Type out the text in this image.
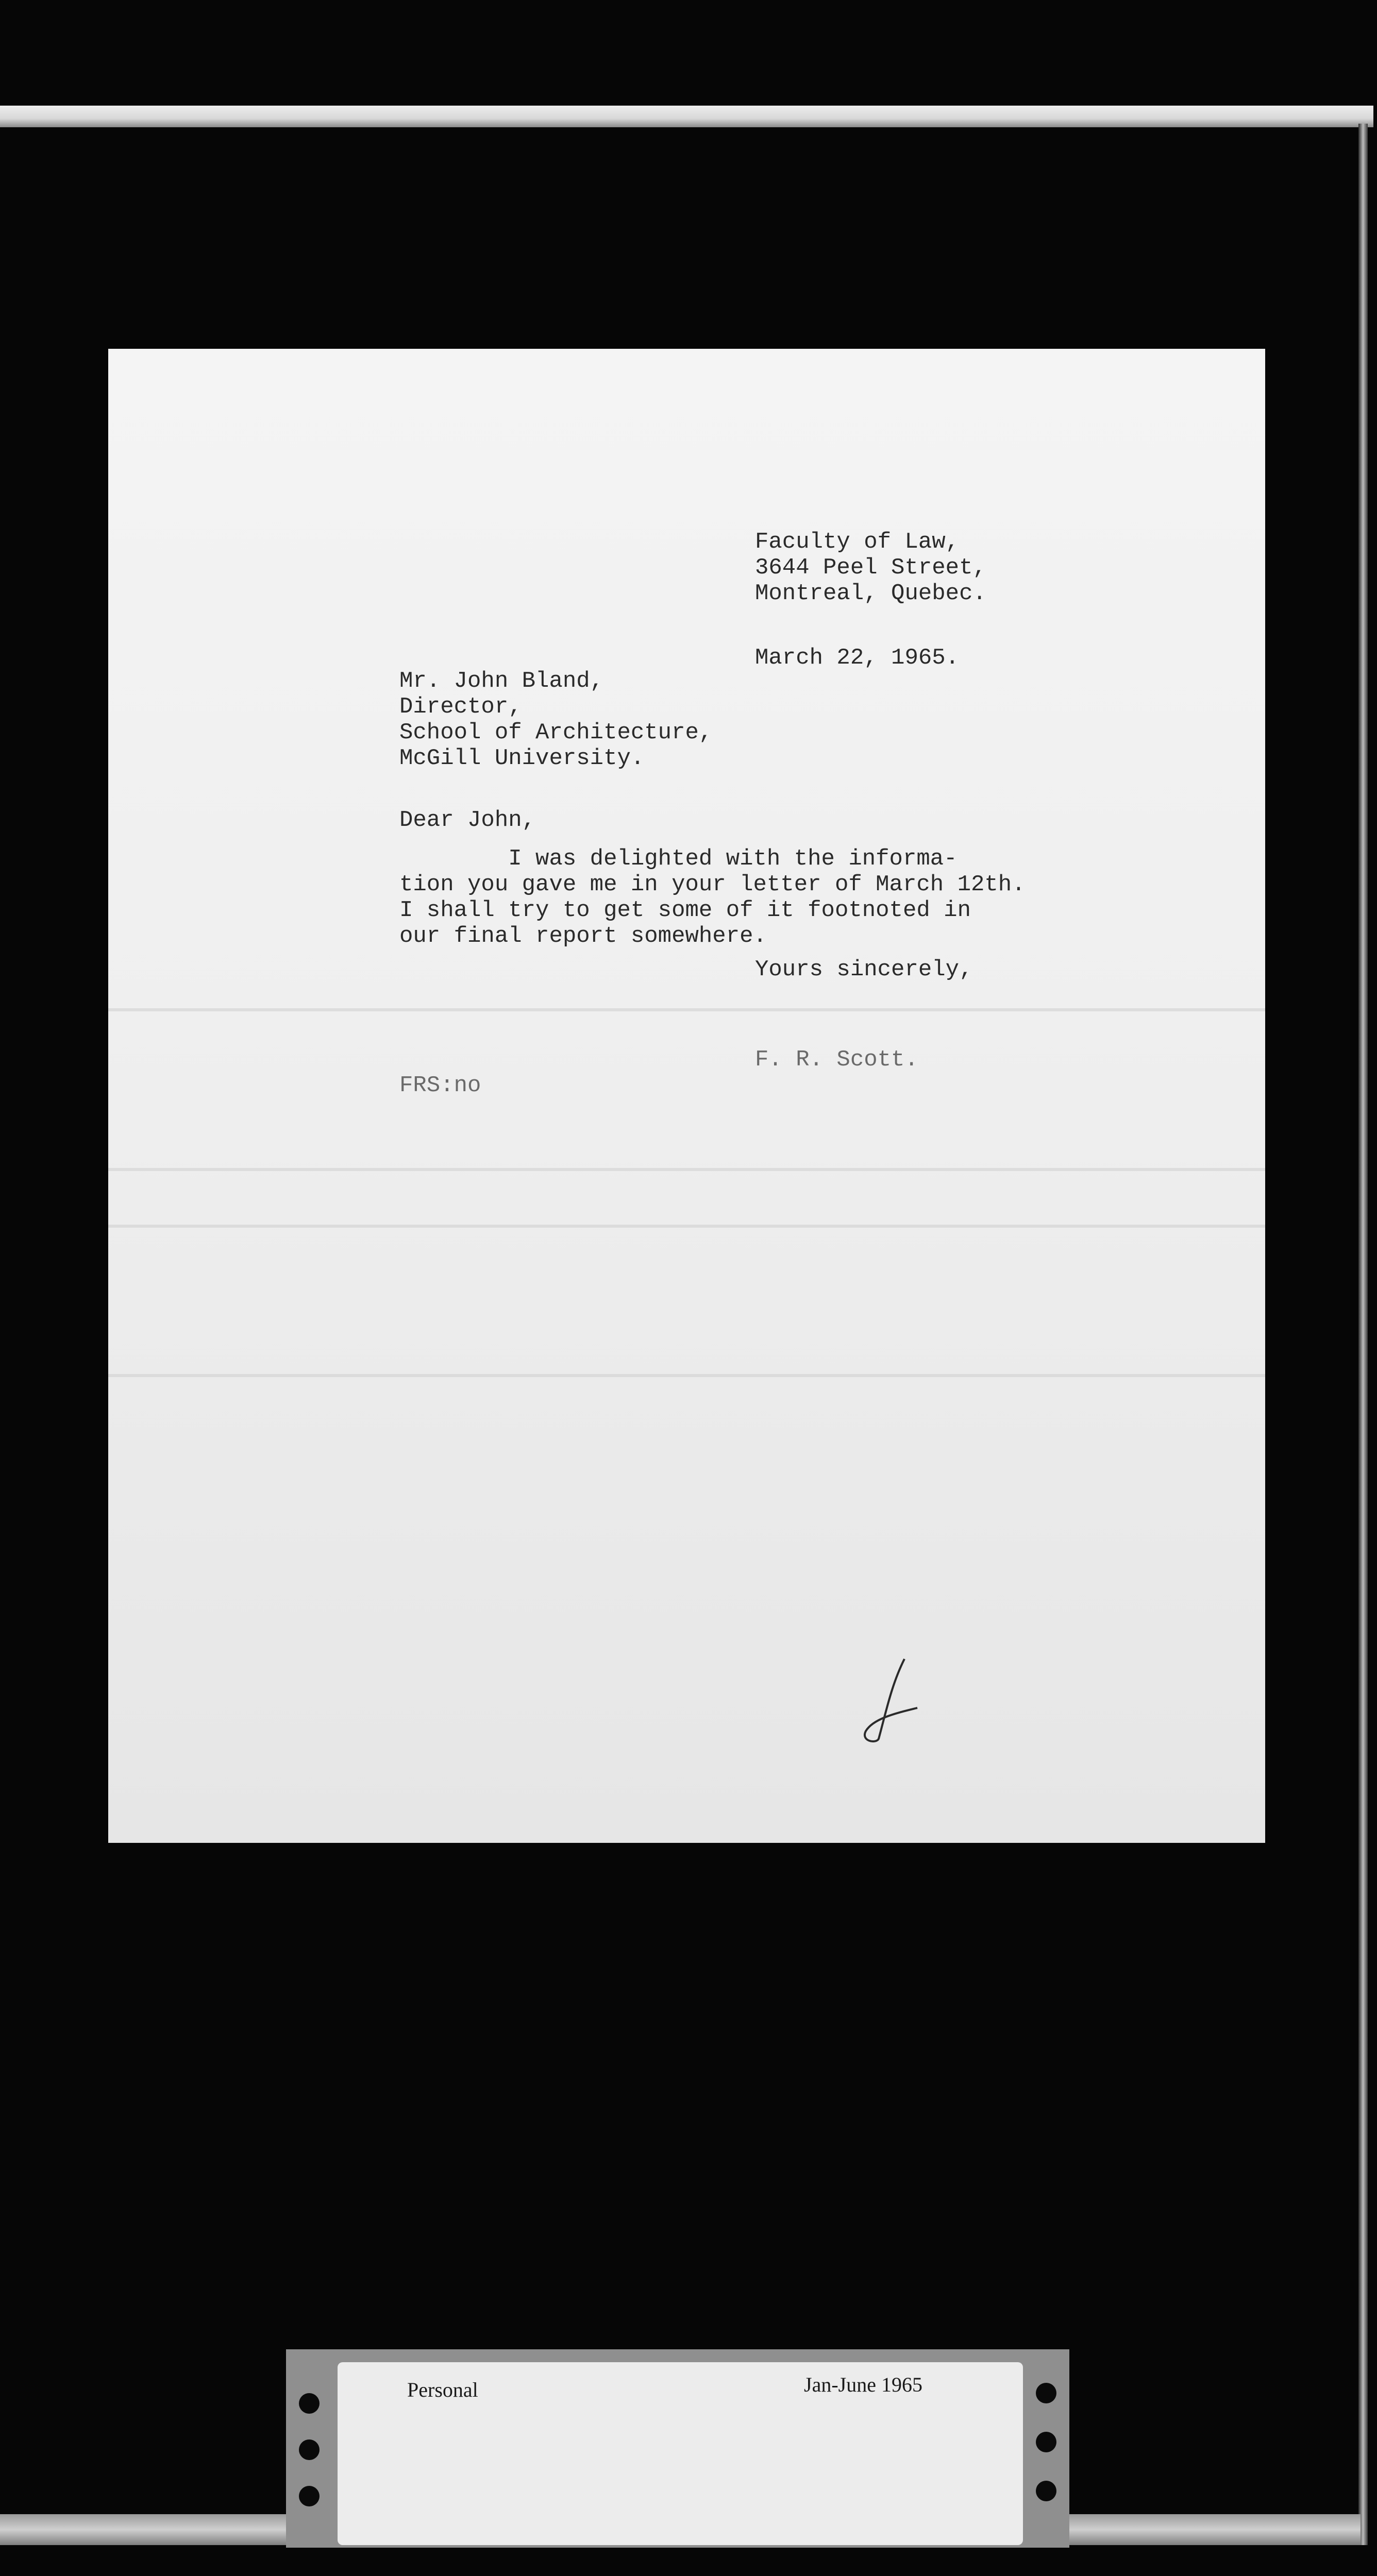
Faculty of Law,
3644 Peel Street,
Montreal, Quebec.
March 22, 1965.
Mr. John Bland,
Director,
School of Architecture,
McGill University.
Dear John,
I was delighted with the informa-
tion you gave me in your letter of March 12th.
I shall try to get some of it footnoted in
our final report somewhere.
Yours sincerely,
F. R. Scott.
FRS:no
Personal	Jan-June 1965
